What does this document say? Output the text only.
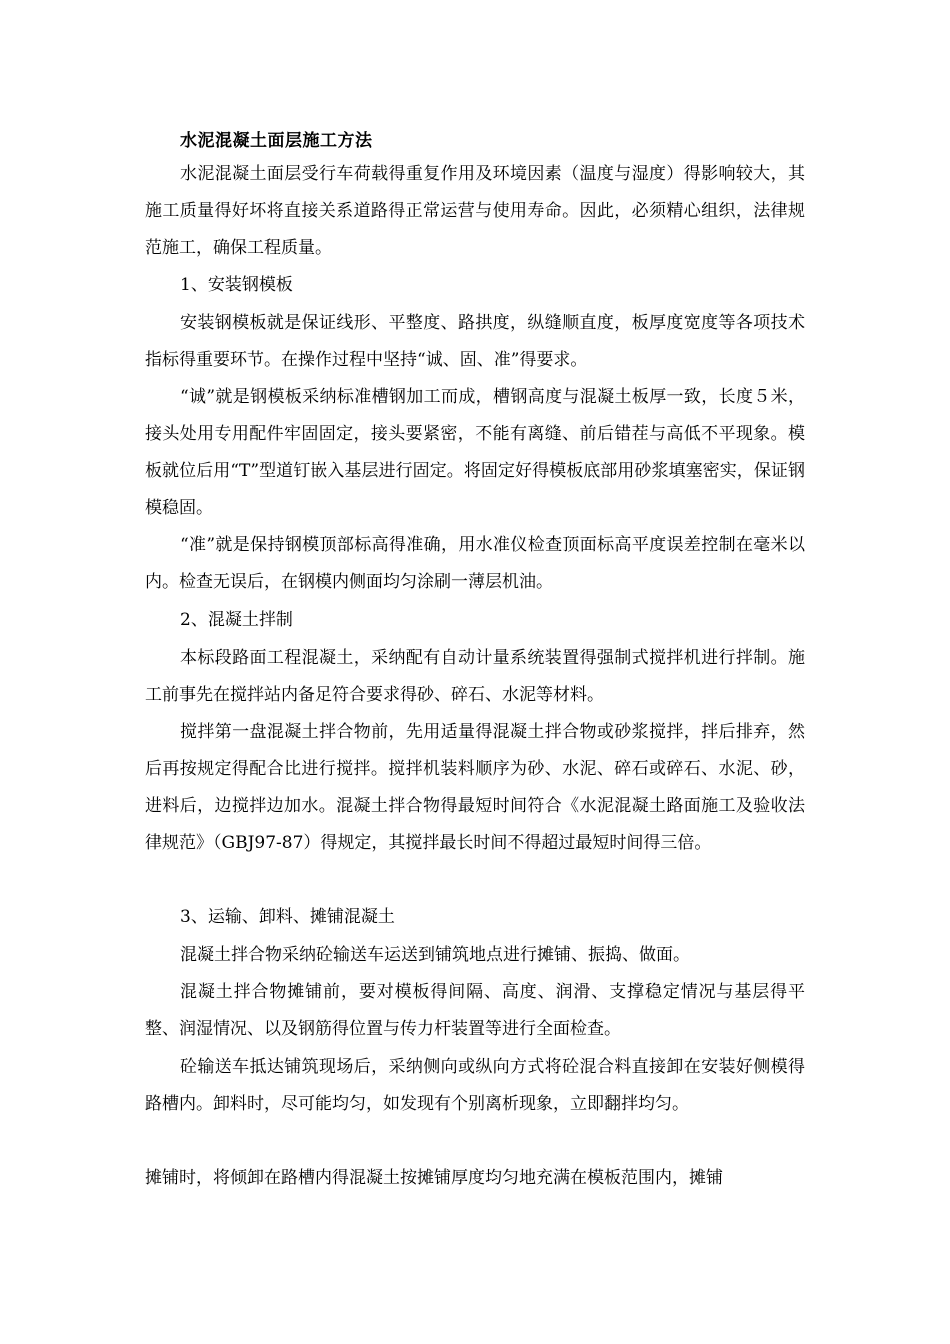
水泥混凝土面层施工方法

水泥混凝土面层受行车荷载得重复作用及环境因素（温度与湿度）得影响较大，其施工质量得好坏将直接关系道路得正常运营与使用寿命。因此，必须精心组织，法律规范施工，确保工程质量。

1、安装钢模板

安装钢模板就是保证线形、平整度、路拱度，纵缝顺直度，板厚度宽度等各项技术指标得重要环节。在操作过程中坚持“诚、固、准”得要求。

“诚”就是钢模板采纳标准槽钢加工而成，槽钢高度与混凝土板厚一致，长度５米，接头处用专用配件牢固固定，接头要紧密，不能有离缝、前后错茬与高低不平现象。模板就位后用“T”型道钉嵌入基层进行固定。将固定好得模板底部用砂浆填塞密实，保证钢模稳固。

“准”就是保持钢模顶部标高得准确，用水准仪检查顶面标高平度误差控制在毫米以内。检查无误后，在钢模内侧面均匀涂刷一薄层机油。

2、混凝土拌制

本标段路面工程混凝土，采纳配有自动计量系统装置得强制式搅拌机进行拌制。施工前事先在搅拌站内备足符合要求得砂、碎石、水泥等材料。

搅拌第一盘混凝土拌合物前，先用适量得混凝土拌合物或砂浆搅拌，拌后排弃，然后再按规定得配合比进行搅拌。搅拌机装料顺序为砂、水泥、碎石或碎石、水泥、砂，进料后，边搅拌边加水。混凝土拌合物得最短时间符合《水泥混凝土路面施工及验收法律规范》（GBJ97-87）得规定，其搅拌最长时间不得超过最短时间得三倍。

3、运输、卸料、摊铺混凝土

混凝土拌合物采纳砼输送车运送到铺筑地点进行摊铺、振捣、做面。

混凝土拌合物摊铺前，要对模板得间隔、高度、润滑、支撑稳定情况与基层得平整、润湿情况、以及钢筋得位置与传力杆装置等进行全面检查。

砼输送车抵达铺筑现场后，采纳侧向或纵向方式将砼混合料直接卸在安装好侧模得路槽内。卸料时，尽可能均匀，如发现有个别离析现象，立即翻拌均匀。

摊铺时，将倾卸在路槽内得混凝土按摊铺厚度均匀地充满在模板范围内，摊铺
